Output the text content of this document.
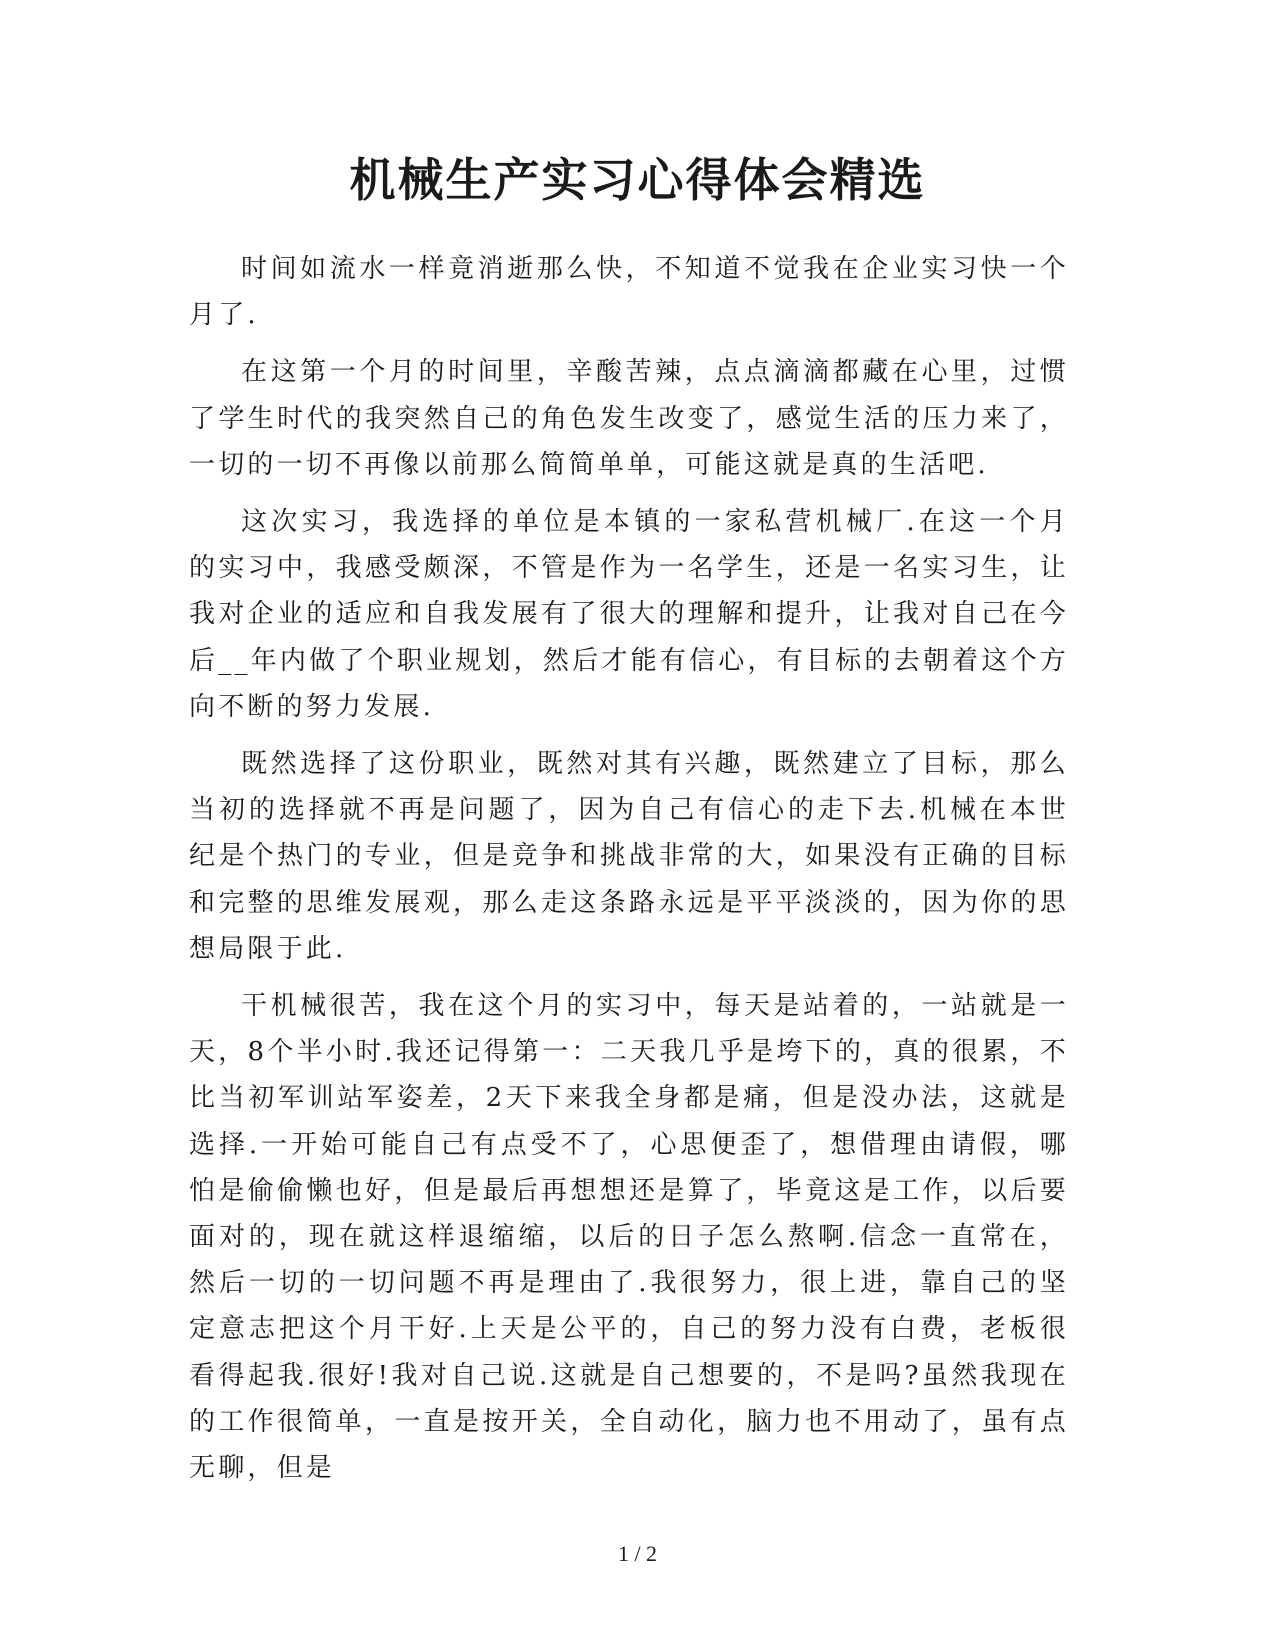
机械生产实习心得体会精选

时间如流水一样竟消逝那么快，不知道不觉我在企业实习快一个月了.

在这第一个月的时间里，辛酸苦辣，点点滴滴都藏在心里，过惯了学生时代的我突然自己的角色发生改变了，感觉生活的压力来了，一切的一切不再像以前那么简简单单，可能这就是真的生活吧.

这次实习，我选择的单位是本镇的一家私营机械厂.在这一个月的实习中，我感受颇深，不管是作为一名学生，还是一名实习生，让我对企业的适应和自我发展有了很大的理解和提升，让我对自己在今后__年内做了个职业规划，然后才能有信心，有目标的去朝着这个方向不断的努力发展.

既然选择了这份职业，既然对其有兴趣，既然建立了目标，那么当初的选择就不再是问题了，因为自己有信心的走下去.机械在本世纪是个热门的专业，但是竞争和挑战非常的大，如果没有正确的目标和完整的思维发展观，那么走这条路永远是平平淡淡的，因为你的思想局限于此.

干机械很苦，我在这个月的实习中，每天是站着的，一站就是一天，8个半小时.我还记得第一：二天我几乎是垮下的，真的很累，不比当初军训站军姿差，2天下来我全身都是痛，但是没办法，这就是选择.一开始可能自己有点受不了，心思便歪了，想借理由请假，哪怕是偷偷懒也好，但是最后再想想还是算了，毕竟这是工作，以后要面对的，现在就这样退缩缩，以后的日子怎么熬啊.信念一直常在，然后一切的一切问题不再是理由了.我很努力，很上进，靠自己的坚定意志把这个月干好.上天是公平的，自己的努力没有白费，老板很看得起我.很好!我对自己说.这就是自己想要的，不是吗?虽然我现在的工作很简单，一直是按开关，全自动化，脑力也不用动了，虽有点无聊，但是

1 / 2
